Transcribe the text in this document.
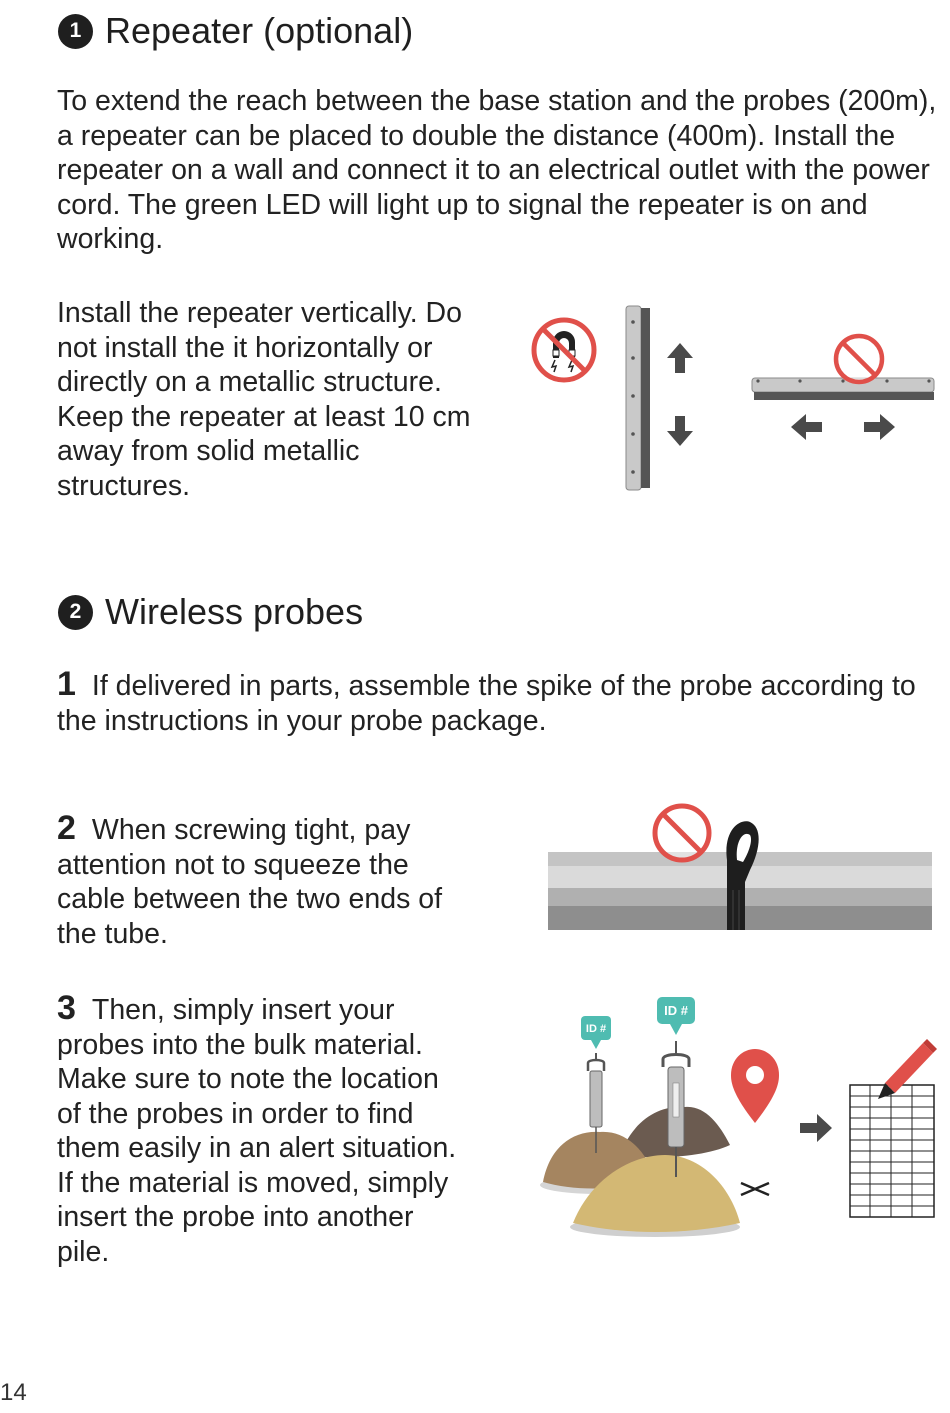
1 Repeater (optional)
To extend the reach between the base station and the probes (200m), a repeater can be placed to double the distance (400m). Install the repeater on a wall and connect it to an electrical outlet with the power cord. The green LED will light up to signal the repeater is on and working.
Install the repeater vertically. Do not install the it horizontally or directly on a metallic structure. Keep the repeater at least 10 cm away from solid metallic structures.
2 Wireless probes
1 If delivered in parts, assemble the spike of the probe according to the instructions in your probe package.
2 When screwing tight, pay attention not to squeeze the cable between the two ends of the tube.
3 Then, simply insert your probes into the bulk material. Make sure to note the location of the probes in order to find them easily in an alert situation. If the material is moved, simply insert the probe into another pile.
ID #
ID #
14
